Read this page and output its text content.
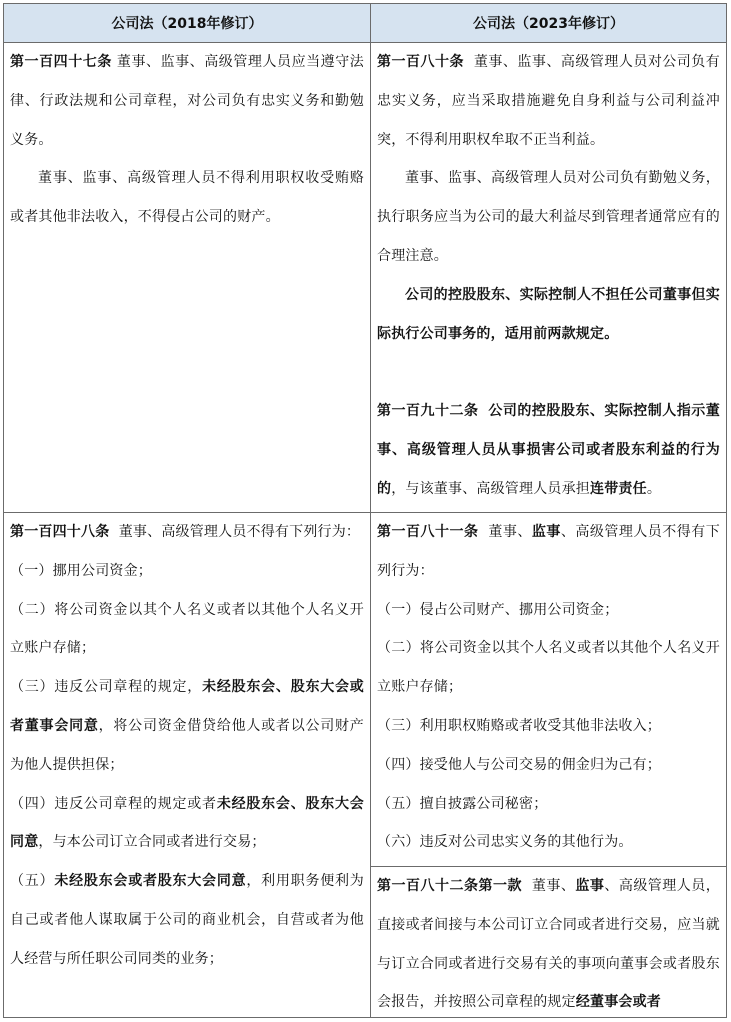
公司法（2018年修订）

第一百四十七条 董事、监事、高级管理人员应当遵守法律、行政法规和公司章程，对公司负有忠实义务和勤勉义务。

董事、监事、高级管理人员不得利用职权收受贿赂或者其他非法收入，不得侵占公司的财产。

第一百四十八条 董事、高级管理人员不得有下列行为：

（一）挪用公司资金；

（二）将公司资金以其个人名义或者以其他个人名义开立账户存储；

（三）违反公司章程的规定，未经股东会、股东大会或者董事会同意，将公司资金借贷给他人或者以公司财产为他人提供担保；

（四）违反公司章程的规定或者未经股东会、股东大会同意，与本公司订立合同或者进行交易；

（五）未经股东会或者股东大会同意，利用职务便利为自己或者他人谋取属于公司的商业机会，自营或者为他人经营与所任职公司同类的业务；

公司法（2023年修订）

第一百八十条 董事、监事、高级管理人员对公司负有忠实义务，应当采取措施避免自身利益与公司利益冲突，不得利用职权牟取不正当利益。

董事、监事、高级管理人员对公司负有勤勉义务，执行职务应当为公司的最大利益尽到管理者通常应有的合理注意。

公司的控股股东、实际控制人不担任公司董事但实际执行公司事务的，适用前两款规定。

第一百九十二条 公司的控股股东、实际控制人指示董事、高级管理人员从事损害公司或者股东利益的行为的，与该董事、高级管理人员承担连带责任。

第一百八十一条 董事、监事、高级管理人员不得有下列行为：

（一）侵占公司财产、挪用公司资金；

（二）将公司资金以其个人名义或者以其他个人名义开立账户存储；

（三）利用职权贿赂或者收受其他非法收入；

（四）接受他人与公司交易的佣金归为己有；

（五）擅自披露公司秘密；

（六）违反对公司忠实义务的其他行为。

第一百八十二条第一款 董事、监事、高级管理人员，直接或者间接与本公司订立合同或者进行交易，应当就与订立合同或者进行交易有关的事项向董事会或者股东会报告，并按照公司章程的规定经董事会或者
